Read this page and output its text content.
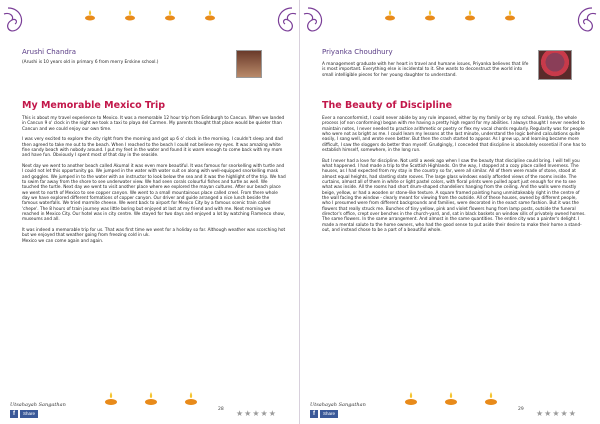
Arushi Chandra
(Arushi is 10 years old in primary 6 from merry Erskine school.)
My Memorable Mexico Trip

This is about my travel experience to Mexico. It was a memorable 12 hour trip from Edinburgh to Cancun. When we landed in Cancun 9 o' clock in the night we took a taxi to playa del Carmen. My parents thought that place would be quieter than Cancun and we could enjoy our own time.

I was very excited to explore the city right from the morning and got up 6 o' clock in the morning. I couldn't sleep and dad then agreed to take me out to the beach. When I reached to the beach I could not believe my eyes. It was amazing white fine sandy beach with nobody around. I put my feet in the water and found it is warm enough to come back with my mom and have fun. Obviously I spent most of that day in the seaside.

Next day we went to another beach called Akumal it was even more beautiful. It was famous for snorkelling with turtle and I could not let this opportunity go. We jumped in the water with water suit on along with well-equipped snorkelling mask and goggles. We jumped in to the water with an instructor to look below the sea and it was the highlight of the trip. We had to swim far away from the shore to see underwater view. We had seen corals colourful fishes and turtle as well. We touched the turtle. Next day we went to visit another place where we explored the mayan cultures. After our beach place we went to north of Mexico to see copper canyon. We went to a small mountainous place called creel. From there whole day we have explored different formations of copper canyon. Our driver and guide arranged a nice lunch beside the famous waterfalls. We tried marmite cheese. We went back to airport for Mexico City by a famous scenic train called 'chepe'. The 8 hours of train journey was little boring but enjoyed at last at my friend and with me. Next morning we reached in Mexico City. Our hotel was in city centre. We stayed for two days and enjoyed a lot by watching Flamenco show, museums and all.

It was indeed a memorable trip for us. That was first time we went for a holiday so far. Although weather was scorching hot but we enjoyed that weather going from freezing cold in uk.

Mexico we can come again and again.

Utsahayah Sangathan
f	Share
28 ★★★★★
Priyanka Choudhury
A management graduate with her heart in travel and humane issues, Priyanka believes that life is most important. Everything else is incidental to it. She wants to deconstruct the world into small intelligible pieces for her young daughter to understand.
The Beauty of Discipline

Ever a nonconformist, I could never abide by any rule imposed, either by my family or by my school. Frankly, the whole process (of non conforming) began with me having a pretty high regard for my abilities. I always thought I never needed to maintain notes, I never needed to practice arithmetic or poetry or flex my vocal chords regularly. Regularity was for people who were not as bright as me. I could learn my lessons at the last minute, understand the logic behind calculations quite easily, I sang well, and wrote even better. But then the crash started to appear. As I grew up, and learning became more difficult, I saw the sloggers do better than myself. Grudgingly, I conceded that discipline is absolutely essential if one has to establish himself, somewhere, in the long run.

But I never had a love for discipline. Not until a week ago when I saw the beauty that discipline could bring. I will tell you what happened. I had made a trip to the Scottish Highlands. On the way, I stopped at a cozy place called Inverness. The houses, as I had expected from my stay in the country so far, were all similar. All of them were made of stone, stood at almost equal heights, had slanting slate rooves. The large glass windows easily afforded views of the rooms inside. The curtains, almost all of them in white or light pastel colors, with floral prints were pulled apart just enough for me to see what was inside. All the rooms had short drum-shaped chandeliers hanging from the ceiling. And the walls were mostly beige, yellow, or had a wooden or stone-like texture. A square framed painting hung unmistakeably right in the centre of the wall facing the window - clearly meant for viewing from the outside. All of these houses, owned by different people, who I presumed were from different backgrounds and families, were decorated in the exact same fashion. But it was the flowers that really struck me. Bunches of tiny yellow, pink and violet flowers hung from lamp posts, outside the funeral director's office, crept over benches in the church-yard, and, sat in black baskets on window sills of privately owned homes. The same flowers. In the same arrangement. And almost in the same quantities. The entire city was a painter's delight. I made a mental salute to the home owners, who had the good sense to put aside their desire to make their home a stand-out, and instead chose to be a part of a beautiful whole.

Utsahayah Sangathan
f	Share
29 ★★★★★
